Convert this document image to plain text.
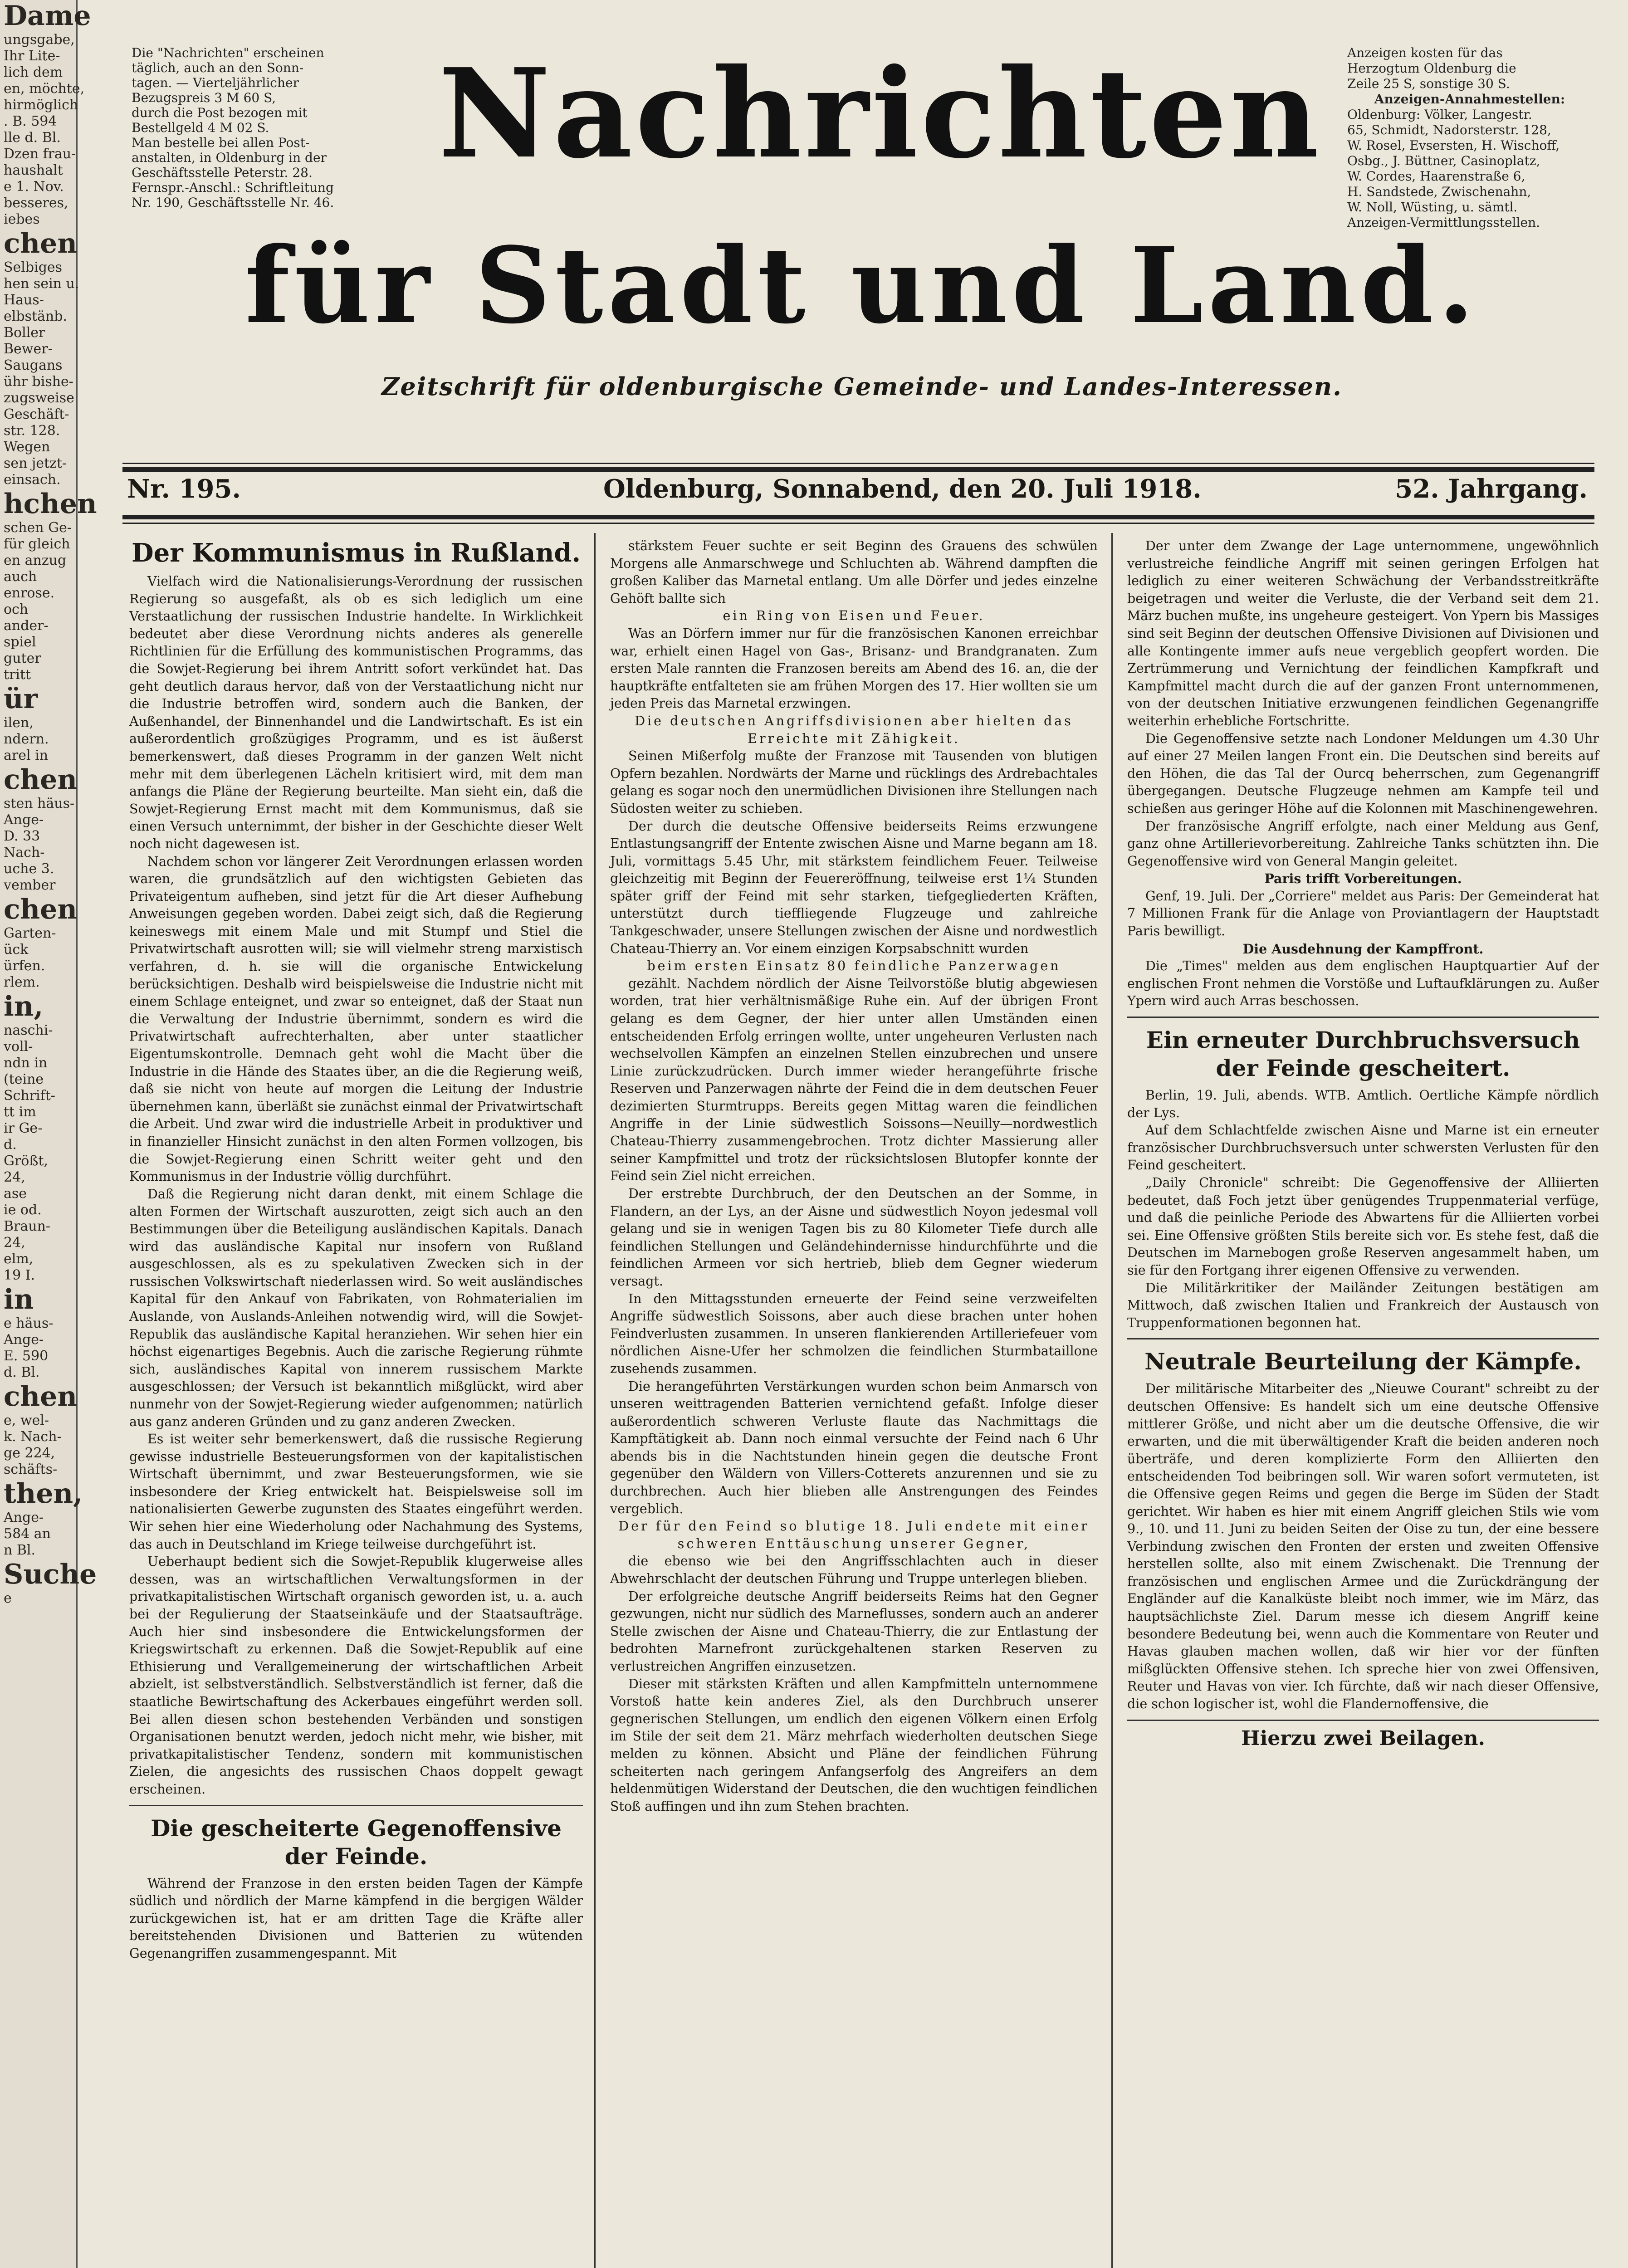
Dame
ungsgabe,
Ihr Lite-
lich dem
en, möchte,
hirmöglich
. B. 594
lle d. Bl.
Dzen frau-
haushalt
e 1. Nov.
besseres,
iebes
chen
Selbiges
hen sein u.
Haus-
elbstänb.
Boller
Bewer-
Saugans
ühr bishe-
zugsweise
Geschäft-
str. 128.
Wegen
sen jetzt-
einsach.
hchen
schen Ge-
für gleich
en anzug
auch
enrose.
och
ander-
spiel
guter
tritt
ür
ilen,
ndern.
arel in
chen
sten häus-
Ange-
D. 33
Nach-
uche 3.
vember
chen
Garten-
ück
ürfen.
rlem.
in,
naschi-
voll-
ndn in
(teine
Schrift-
tt im
ir Ge-
d.
Größt,
24,
ase
ie od.
Braun-
24,
elm,
19 I.
in
e häus-
Ange-
E. 590
d. Bl.
chen
e, wel-
k. Nach-
ge 224,
schäfts-
then,
Ange-
584 an
n Bl.
Suche
e
Die "Nachrichten" erscheinen
täglich, auch an den Sonn-
tagen. — Vierteljährlicher
Bezugspreis 3 M 60 S,
durch die Post bezogen mit
Bestellgeld 4 M 02 S.
Man bestelle bei allen Post-
anstalten, in Oldenburg in der
Geschäftsstelle Peterstr. 28.
Fernspr.-Anschl.: Schriftleitung
Nr. 190, Geschäftsstelle Nr. 46.
Nachrichten
für Stadt und Land.
Zeitschrift für oldenburgische Gemeinde- und Landes-Interessen.
Anzeigen kosten für das
Herzogtum Oldenburg die
Zeile 25 S, sonstige 30 S.
Anzeigen-Annahmestellen:
Oldenburg: Völker, Langestr.
65, Schmidt, Nadorsterstr. 128,
W. Rosel, Evsersten, H. Wischoff,
Osbg., J. Büttner, Casinoplatz,
W. Cordes, Haarenstraße 6,
H. Sandstede, Zwischenahn,
W. Noll, Wüsting, u. sämtl.
Anzeigen-Vermittlungsstellen.
Nr. 195.	Oldenburg, Sonnabend, den 20. Juli 1918.	52. Jahrgang.
Der Kommunismus in Rußland.

Vielfach wird die Nationalisierungs-Verordnung der russischen Regierung so ausgefaßt, als ob es sich lediglich um eine Verstaatlichung der russischen Industrie handelte. In Wirklichkeit bedeutet aber diese Verordnung nichts anderes als generelle Richtlinien für die Erfüllung des kommunistischen Programms, das die Sowjet-Regierung bei ihrem Antritt sofort verkündet hat. Das geht deutlich daraus hervor, daß von der Verstaatlichung nicht nur die Industrie betroffen wird, sondern auch die Banken, der Außenhandel, der Binnenhandel und die Landwirtschaft. Es ist ein außerordentlich großzügiges Programm, und es ist äußerst bemerkenswert, daß dieses Programm in der ganzen Welt nicht mehr mit dem überlegenen Lächeln kritisiert wird, mit dem man anfangs die Pläne der Regierung beurteilte. Man sieht ein, daß die Sowjet-Regierung Ernst macht mit dem Kommunismus, daß sie einen Versuch unternimmt, der bisher in der Geschichte dieser Welt noch nicht dagewesen ist.

Nachdem schon vor längerer Zeit Verordnungen erlassen worden waren, die grundsätzlich auf den wichtigsten Gebieten das Privateigentum aufheben, sind jetzt für die Art dieser Aufhebung Anweisungen gegeben worden. Dabei zeigt sich, daß die Regierung keineswegs mit einem Male und mit Stumpf und Stiel die Privatwirtschaft ausrotten will; sie will vielmehr streng marxistisch verfahren, d. h. sie will die organische Entwickelung berücksichtigen. Deshalb wird beispielsweise die Industrie nicht mit einem Schlage enteignet, und zwar so enteignet, daß der Staat nun die Verwaltung der Industrie übernimmt, sondern es wird die Privatwirtschaft aufrechterhalten, aber unter staatlicher Eigentumskontrolle. Demnach geht wohl die Macht über die Industrie in die Hände des Staates über, an die die Regierung weiß, daß sie nicht von heute auf morgen die Leitung der Industrie übernehmen kann, überläßt sie zunächst einmal der Privatwirtschaft die Arbeit. Und zwar wird die industrielle Arbeit in produktiver und in finanzieller Hinsicht zunächst in den alten Formen vollzogen, bis die Sowjet-Regierung einen Schritt weiter geht und den Kommunismus in der Industrie völlig durchführt.

Daß die Regierung nicht daran denkt, mit einem Schlage die alten Formen der Wirtschaft auszurotten, zeigt sich auch an den Bestimmungen über die Beteiligung ausländischen Kapitals. Danach wird das ausländische Kapital nur insofern von Rußland ausgeschlossen, als es zu spekulativen Zwecken sich in der russischen Volkswirtschaft niederlassen wird. So weit ausländisches Kapital für den Ankauf von Fabrikaten, von Rohmaterialien im Auslande, von Auslands-Anleihen notwendig wird, will die Sowjet-Republik das ausländische Kapital heranziehen. Wir sehen hier ein höchst eigenartiges Begebnis. Auch die zarische Regierung rühmte sich, ausländisches Kapital von innerem russischem Markte ausgeschlossen; der Versuch ist bekanntlich mißglückt, wird aber nunmehr von der Sowjet-Regierung wieder aufgenommen; natürlich aus ganz anderen Gründen und zu ganz anderen Zwecken.

Es ist weiter sehr bemerkenswert, daß die russische Regierung gewisse industrielle Besteuerungsformen von der kapitalistischen Wirtschaft übernimmt, und zwar Besteuerungsformen, wie sie insbesondere der Krieg entwickelt hat. Beispielsweise soll im nationalisierten Gewerbe zugunsten des Staates eingeführt werden. Wir sehen hier eine Wiederholung oder Nachahmung des Systems, das auch in Deutschland im Kriege teilweise durchgeführt ist.

Ueberhaupt bedient sich die Sowjet-Republik klugerweise alles dessen, was an wirtschaftlichen Verwaltungsformen in der privatkapitalistischen Wirtschaft organisch geworden ist, u. a. auch bei der Regulierung der Staatseinkäufe und der Staatsaufträge. Auch hier sind insbesondere die Entwickelungsformen der Kriegswirtschaft zu erkennen. Daß die Sowjet-Republik auf eine Ethisierung und Verallgemeinerung der wirtschaftlichen Arbeit abzielt, ist selbstverständlich. Selbstverständlich ist ferner, daß die staatliche Bewirtschaftung des Ackerbaues eingeführt werden soll. Bei allen diesen schon bestehenden Verbänden und sonstigen Organisationen benutzt werden, jedoch nicht mehr, wie bisher, mit privatkapitalistischer Tendenz, sondern mit kommunistischen Zielen, die angesichts des russischen Chaos doppelt gewagt erscheinen.

Die gescheiterte Gegenoffensive der Feinde.

Während der Franzose in den ersten beiden Tagen der Kämpfe südlich und nördlich der Marne kämpfend in die bergigen Wälder zurückgewichen ist, hat er am dritten Tage die Kräfte aller bereitstehenden Divisionen und Batterien zu wütenden Gegenangriffen zusammengespannt. Mit

stärkstem Feuer suchte er seit Beginn des Grauens des schwülen Morgens alle Anmarschwege und Schluchten ab. Während dampften die großen Kaliber das Marnetal entlang. Um alle Dörfer und jedes einzelne Gehöft ballte sich

ein Ring von Eisen und Feuer.

Was an Dörfern immer nur für die französischen Kanonen erreichbar war, erhielt einen Hagel von Gas-, Brisanz- und Brandgranaten. Zum ersten Male rannten die Franzosen bereits am Abend des 16. an, die der hauptkräfte entfalteten sie am frühen Morgen des 17. Hier wollten sie um jeden Preis das Marnetal erzwingen.

Die deutschen Angriffsdivisionen aber hielten das Erreichte mit Zähigkeit.

Seinen Mißerfolg mußte der Franzose mit Tausenden von blutigen Opfern bezahlen. Nordwärts der Marne und rücklings des Ardrebachtales gelang es sogar noch den unermüdlichen Divisionen ihre Stellungen nach Südosten weiter zu schieben.

Der durch die deutsche Offensive beiderseits Reims erzwungene Entlastungsangriff der Entente zwischen Aisne und Marne begann am 18. Juli, vormittags 5.45 Uhr, mit stärkstem feindlichem Feuer. Teilweise gleichzeitig mit Beginn der Feuereröffnung, teilweise erst 1¼ Stunden später griff der Feind mit sehr starken, tiefgegliederten Kräften, unterstützt durch tieffliegende Flugzeuge und zahlreiche Tankgeschwader, unsere Stellungen zwischen der Aisne und nordwestlich Chateau-Thierry an. Vor einem einzigen Korpsabschnitt wurden

beim ersten Einsatz 80 feindliche Panzerwagen

gezählt. Nachdem nördlich der Aisne Teilvorstöße blutig abgewiesen worden, trat hier verhältnismäßige Ruhe ein. Auf der übrigen Front gelang es dem Gegner, der hier unter allen Umständen einen entscheidenden Erfolg erringen wollte, unter ungeheuren Verlusten nach wechselvollen Kämpfen an einzelnen Stellen einzubrechen und unsere Linie zurückzudrücken. Durch immer wieder herangeführte frische Reserven und Panzerwagen nährte der Feind die in dem deutschen Feuer dezimierten Sturmtrupps. Bereits gegen Mittag waren die feindlichen Angriffe in der Linie südwestlich Soissons—Neuilly—nordwestlich Chateau-Thierry zusammengebrochen. Trotz dichter Massierung aller seiner Kampfmittel und trotz der rücksichtslosen Blutopfer konnte der Feind sein Ziel nicht erreichen.

Der erstrebte Durchbruch, der den Deutschen an der Somme, in Flandern, an der Lys, an der Aisne und südwestlich Noyon jedesmal voll gelang und sie in wenigen Tagen bis zu 80 Kilometer Tiefe durch alle feindlichen Stellungen und Geländehindernisse hindurchführte und die feindlichen Armeen vor sich hertrieb, blieb dem Gegner wiederum versagt.

In den Mittagsstunden erneuerte der Feind seine verzweifelten Angriffe südwestlich Soissons, aber auch diese brachen unter hohen Feindverlusten zusammen. In unseren flankierenden Artilleriefeuer vom nördlichen Aisne-Ufer her schmolzen die feindlichen Sturmbataillone zusehends zusammen.

Die herangeführten Verstärkungen wurden schon beim Anmarsch von unseren weittragenden Batterien vernichtend gefaßt. Infolge dieser außerordentlich schweren Verluste flaute das Nachmittags die Kampftätigkeit ab. Dann noch einmal versuchte der Feind nach 6 Uhr abends bis in die Nachtstunden hinein gegen die deutsche Front gegenüber den Wäldern von Villers-Cotterets anzurennen und sie zu durchbrechen. Auch hier blieben alle Anstrengungen des Feindes vergeblich.

Der für den Feind so blutige 18. Juli endete mit einer schweren Enttäuschung unserer Gegner,

die ebenso wie bei den Angriffsschlachten auch in dieser Abwehrschlacht der deutschen Führung und Truppe unterlegen blieben.

Der erfolgreiche deutsche Angriff beiderseits Reims hat den Gegner gezwungen, nicht nur südlich des Marneflusses, sondern auch an anderer Stelle zwischen der Aisne und Chateau-Thierry, die zur Entlastung der bedrohten Marnefront zurückgehaltenen starken Reserven zu verlustreichen Angriffen einzusetzen.

Dieser mit stärksten Kräften und allen Kampfmitteln unternommene Vorstoß hatte kein anderes Ziel, als den Durchbruch unserer gegnerischen Stellungen, um endlich den eigenen Völkern einen Erfolg im Stile der seit dem 21. März mehrfach wiederholten deutschen Siege melden zu können. Absicht und Pläne der feindlichen Führung scheiterten nach geringem Anfangserfolg des Angreifers an dem heldenmütigen Widerstand der Deutschen, die den wuchtigen feindlichen Stoß auffingen und ihn zum Stehen brachten.

Der unter dem Zwange der Lage unternommene, ungewöhnlich verlustreiche feindliche Angriff mit seinen geringen Erfolgen hat lediglich zu einer weiteren Schwächung der Verbandsstreitkräfte beigetragen und weiter die Verluste, die der Verband seit dem 21. März buchen mußte, ins ungeheure gesteigert. Von Ypern bis Massiges sind seit Beginn der deutschen Offensive Divisionen auf Divisionen und alle Kontingente immer aufs neue vergeblich geopfert worden. Die Zertrümmerung und Vernichtung der feindlichen Kampfkraft und Kampfmittel macht durch die auf der ganzen Front unternommenen, von der deutschen Initiative erzwungenen feindlichen Gegenangriffe weiterhin erhebliche Fortschritte.

Die Gegenoffensive setzte nach Londoner Meldungen um 4.30 Uhr auf einer 27 Meilen langen Front ein. Die Deutschen sind bereits auf den Höhen, die das Tal der Ourcq beherrschen, zum Gegenangriff übergegangen. Deutsche Flugzeuge nehmen am Kampfe teil und schießen aus geringer Höhe auf die Kolonnen mit Maschinengewehren.

Der französische Angriff erfolgte, nach einer Meldung aus Genf, ganz ohne Artillerievorbereitung. Zahlreiche Tanks schützten ihn. Die Gegenoffensive wird von General Mangin geleitet.

Paris trifft Vorbereitungen.

Genf, 19. Juli. Der „Corriere" meldet aus Paris: Der Gemeinderat hat 7 Millionen Frank für die Anlage von Proviantlagern der Hauptstadt Paris bewilligt.

Die Ausdehnung der Kampffront.

Die „Times" melden aus dem englischen Hauptquartier Auf der englischen Front nehmen die Vorstöße und Luftaufklärungen zu. Außer Ypern wird auch Arras beschossen.

Ein erneuter Durchbruchsversuch der Feinde gescheitert.

Berlin, 19. Juli, abends. WTB. Amtlich. Oertliche Kämpfe nördlich der Lys.

Auf dem Schlachtfelde zwischen Aisne und Marne ist ein erneuter französischer Durchbruchsversuch unter schwersten Verlusten für den Feind gescheitert.

„Daily Chronicle" schreibt: Die Gegenoffensive der Alliierten bedeutet, daß Foch jetzt über genügendes Truppenmaterial verfüge, und daß die peinliche Periode des Abwartens für die Alliierten vorbei sei. Eine Offensive größten Stils bereite sich vor. Es stehe fest, daß die Deutschen im Marnebogen große Reserven angesammelt haben, um sie für den Fortgang ihrer eigenen Offensive zu verwenden.

Die Militärkritiker der Mailänder Zeitungen bestätigen am Mittwoch, daß zwischen Italien und Frankreich der Austausch von Truppenformationen begonnen hat.

Neutrale Beurteilung der Kämpfe.

Der militärische Mitarbeiter des „Nieuwe Courant" schreibt zu der deutschen Offensive: Es handelt sich um eine deutsche Offensive mittlerer Größe, und nicht aber um die deutsche Offensive, die wir erwarten, und die mit überwältigender Kraft die beiden anderen noch überträfe, und deren komplizierte Form den Alliierten den entscheidenden Tod beibringen soll. Wir waren sofort vermuteten, ist die Offensive gegen Reims und gegen die Berge im Süden der Stadt gerichtet. Wir haben es hier mit einem Angriff gleichen Stils wie vom 9., 10. und 11. Juni zu beiden Seiten der Oise zu tun, der eine bessere Verbindung zwischen den Fronten der ersten und zweiten Offensive herstellen sollte, also mit einem Zwischenakt. Die Trennung der französischen und englischen Armee und die Zurückdrängung der Engländer auf die Kanalküste bleibt noch immer, wie im März, das hauptsächlichste Ziel. Darum messe ich diesem Angriff keine besondere Bedeutung bei, wenn auch die Kommentare von Reuter und Havas glauben machen wollen, daß wir hier vor der fünften mißglückten Offensive stehen. Ich spreche hier von zwei Offensiven, Reuter und Havas von vier. Ich fürchte, daß wir nach dieser Offensive, die schon logischer ist, wohl die Flandernoffensive, die

Hierzu zwei Beilagen.
